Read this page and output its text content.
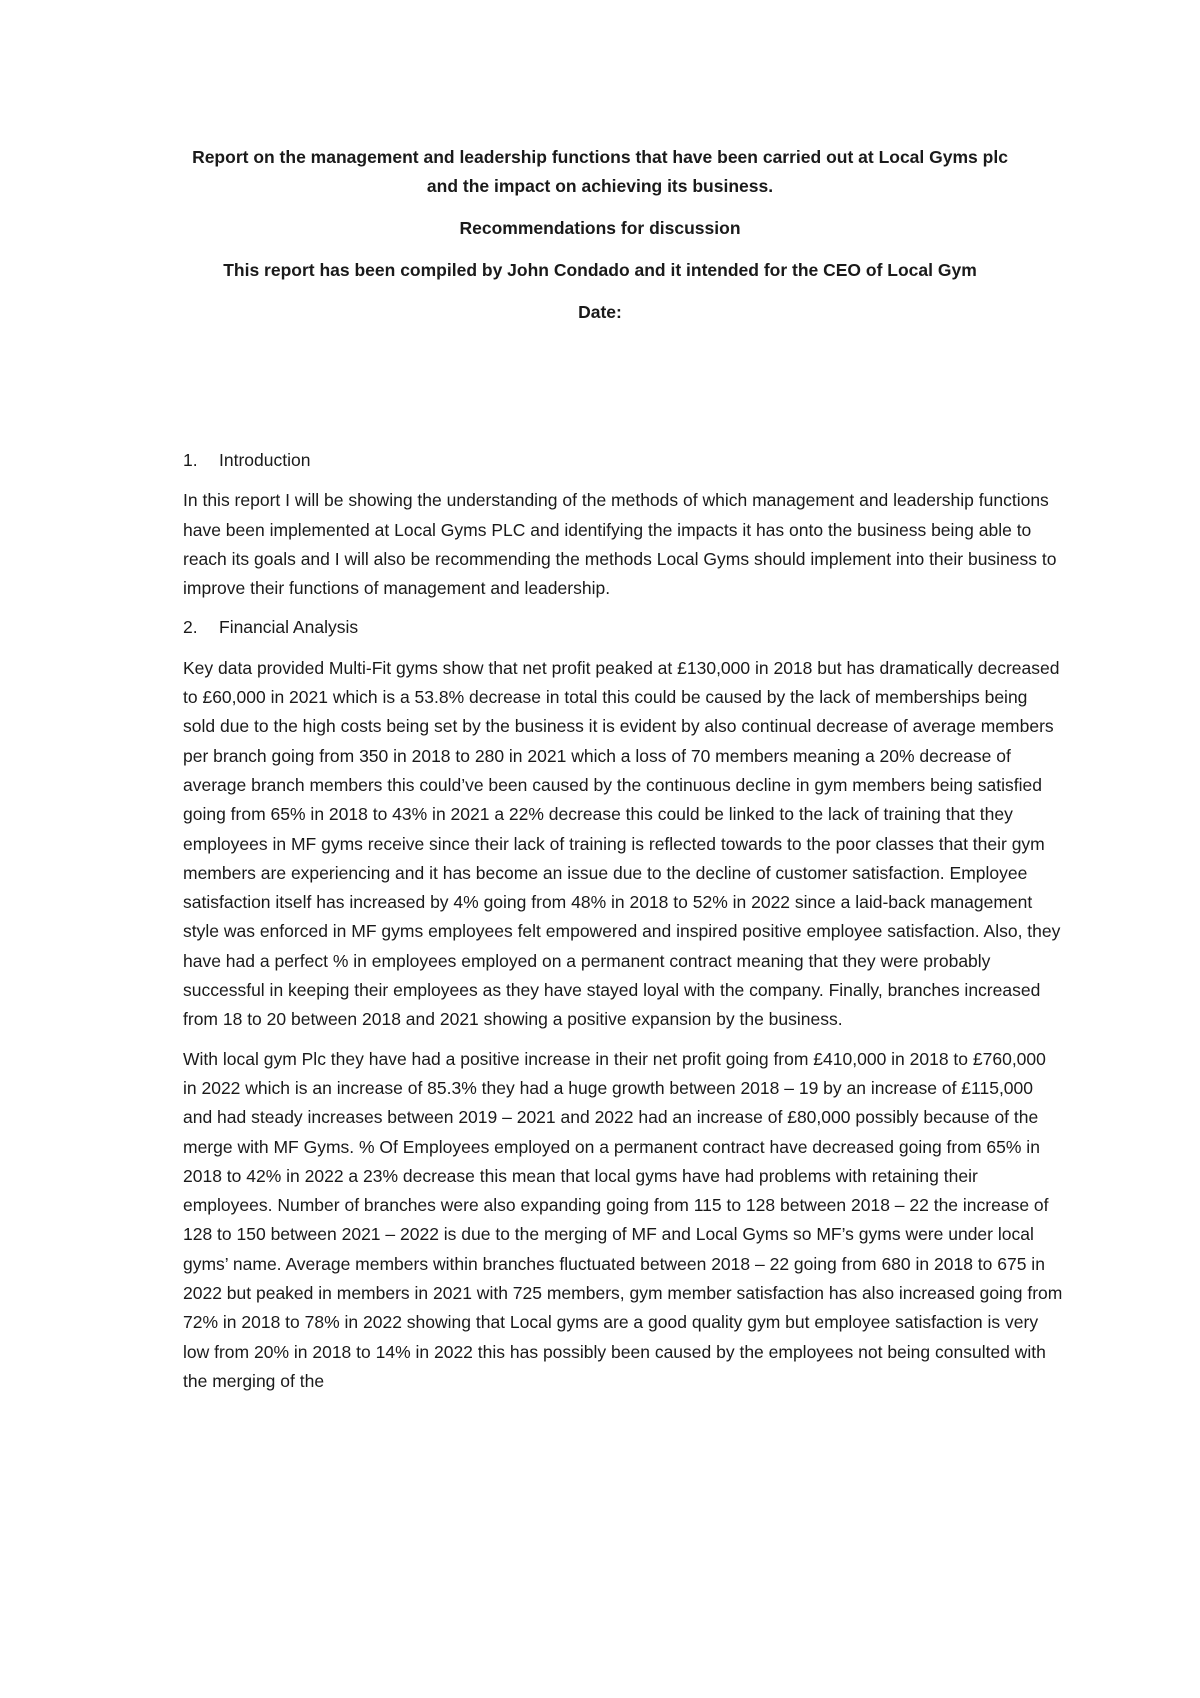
Report on the management and leadership functions that have been carried out at Local Gyms plc

and the impact on achieving its business.

Recommendations for discussion

This report has been compiled by John Condado and it intended for the CEO of Local Gym

Date:

1. Introduction

In this report I will be showing the understanding of the methods of which management and leadership functions have been implemented at Local Gyms PLC and identifying the impacts it has onto the business being able to reach its goals and I will also be recommending the methods Local Gyms should implement into their business to improve their functions of management and leadership.

2. Financial Analysis

Key data provided Multi-Fit gyms show that net profit peaked at £130,000 in 2018 but has dramatically decreased to £60,000 in 2021 which is a 53.8% decrease in total this could be caused by the lack of memberships being sold due to the high costs being set by the business it is evident by also continual decrease of average members per branch going from 350 in 2018 to 280 in 2021 which a loss of 70 members meaning a 20% decrease of average branch members this could’ve been caused by the continuous decline in gym members being satisfied going from 65% in 2018 to 43% in 2021 a 22% decrease this could be linked to the lack of training that they employees in MF gyms receive since their lack of training is reflected towards to the poor classes that their gym members are experiencing and it has become an issue due to the decline of customer satisfaction. Employee satisfaction itself has increased by 4% going from 48% in 2018 to 52% in 2022 since a laid-back management style was enforced in MF gyms employees felt empowered and inspired positive employee satisfaction. Also, they have had a perfect % in employees employed on a permanent contract meaning that they were probably successful in keeping their employees as they have stayed loyal with the company. Finally, branches increased from 18 to 20 between 2018 and 2021 showing a positive expansion by the business.

With local gym Plc they have had a positive increase in their net profit going from £410,000 in 2018 to £760,000 in 2022 which is an increase of 85.3% they had a huge growth between 2018 – 19 by an increase of £115,000 and had steady increases between 2019 – 2021 and 2022 had an increase of £80,000 possibly because of the merge with MF Gyms. % Of Employees employed on a permanent contract have decreased going from 65% in 2018 to 42% in 2022 a 23% decrease this mean that local gyms have had problems with retaining their employees. Number of branches were also expanding going from 115 to 128 between 2018 – 22 the increase of 128 to 150 between 2021 – 2022 is due to the merging of MF and Local Gyms so MF’s gyms were under local gyms’ name. Average members within branches fluctuated between 2018 – 22 going from 680 in 2018 to 675 in 2022 but peaked in members in 2021 with 725 members, gym member satisfaction has also increased going from 72% in 2018 to 78% in 2022 showing that Local gyms are a good quality gym but employee satisfaction is very low from 20% in 2018 to 14% in 2022 this has possibly been caused by the employees not being consulted with the merging of the
